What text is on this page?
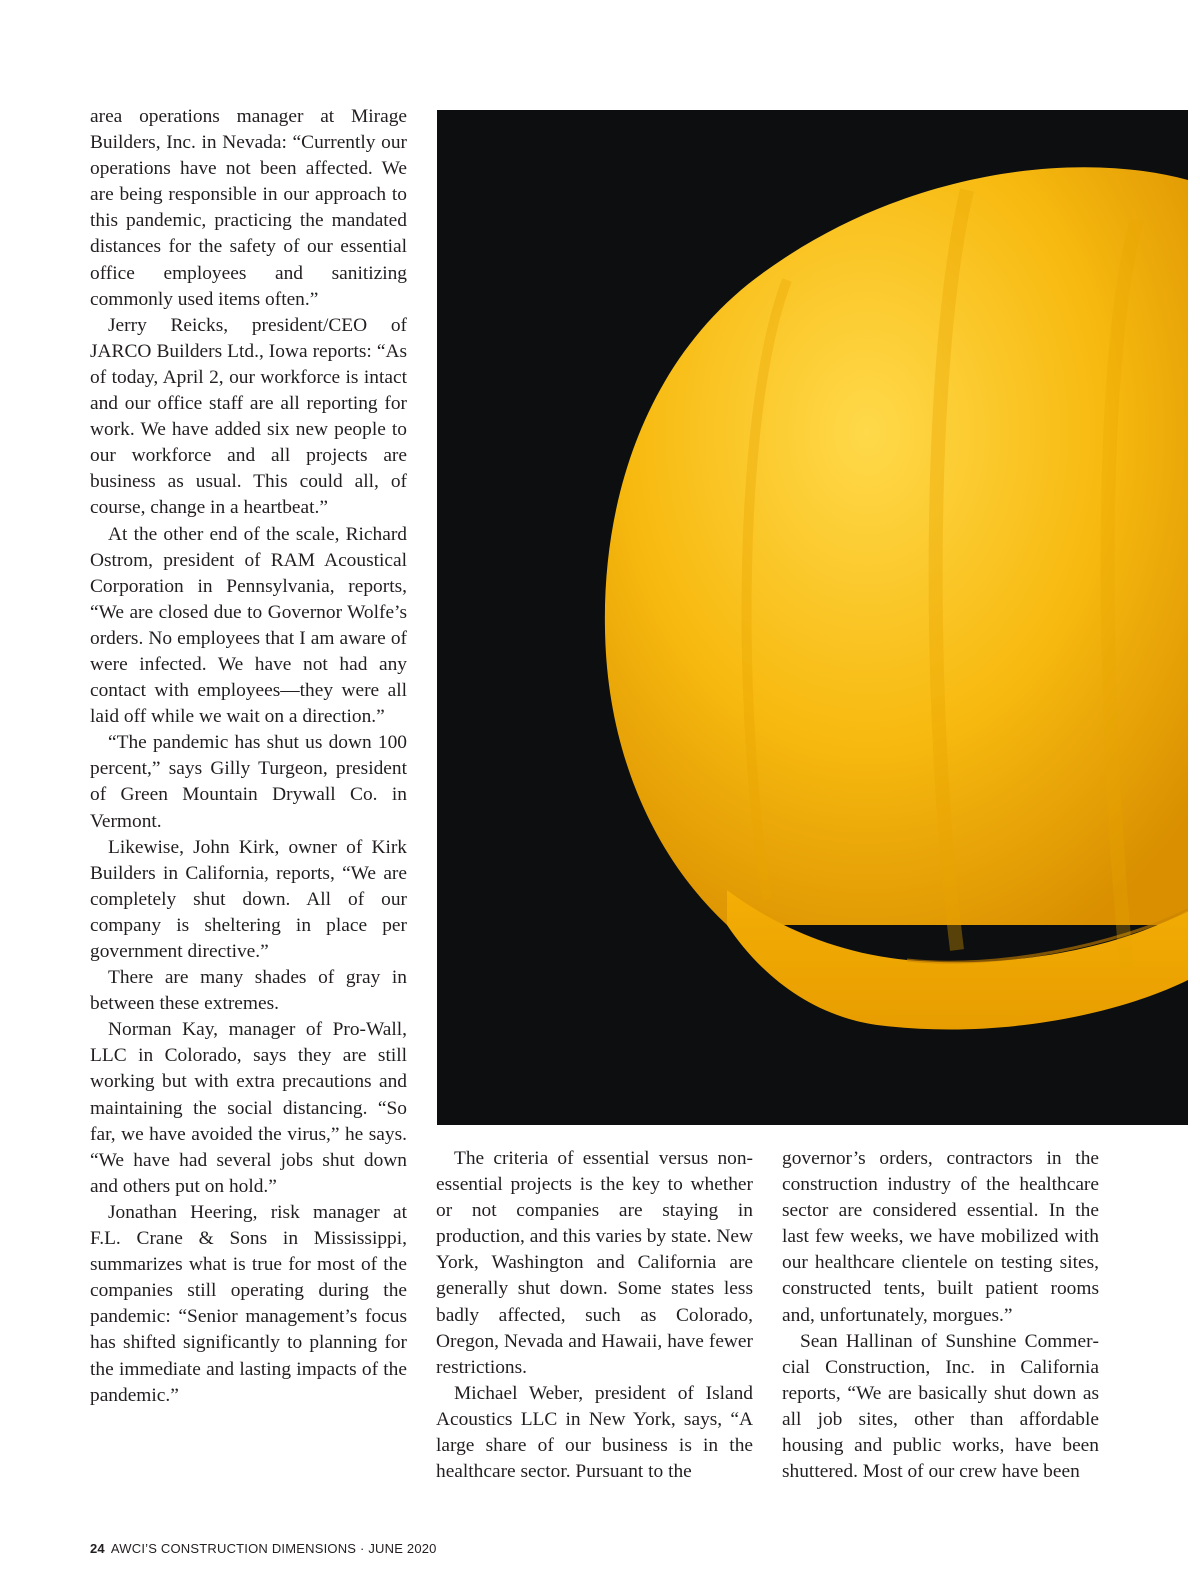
area operations manager at Mirage Builders, Inc. in Nevada: “Currently our operations have not been affected. We are being responsible in our approach to this pandemic, practicing the mandated distances for the safety of our essential office employees and sanitizing commonly used items often.”

Jerry Reicks, president/CEO of JARCO Builders Ltd., Iowa reports: “As of today, April 2, our workforce is intact and our office staff are all reporting for work. We have added six new people to our workforce and all projects are business as usual. This could all, of course, change in a heartbeat.”

At the other end of the scale, Richard Ostrom, president of RAM Acoustical Corporation in Pennsylvania, reports, “We are closed due to Governor Wolfe’s orders. No employees that I am aware of were infected. We have not had any contact with employees—they were all laid off while we wait on a direction.”

“The pandemic has shut us down 100 percent,” says Gilly Turgeon, president of Green Mountain Drywall Co. in Vermont.

Likewise, John Kirk, owner of Kirk Builders in California, reports, “We are completely shut down. All of our company is sheltering in place per government directive.”

There are many shades of gray in between these extremes.

Norman Kay, manager of Pro-Wall, LLC in Colorado, says they are still working but with extra precautions and maintaining the social distancing. “So far, we have avoided the virus,” he says. “We have had several jobs shut down and others put on hold.”

Jonathan Heering, risk manager at F.L. Crane & Sons in Mississippi, summarizes what is true for most of the companies still operating during the pandemic: “Senior management’s focus has shifted significantly to planning for the immediate and lasting impacts of the pandemic.”

The criteria of essential versus non-essential projects is the key to whether or not companies are staying in production, and this varies by state. New York, Washington and California are generally shut down. Some states less badly affected, such as Colorado, Oregon, Nevada and Hawaii, have fewer restrictions.

Michael Weber, president of Island Acoustics LLC in New York, says, “A large share of our business is in the healthcare sector. Pursuant to the

governor’s orders, contractors in the construction industry of the healthcare sector are considered essential. In the last few weeks, we have mobilized with our healthcare clientele on testing sites, constructed tents, built patient rooms and, unfortunately, morgues.”

Sean Hallinan of Sunshine Commercial Construction, Inc. in California reports, “We are basically shut down as all job sites, other than affordable housing and public works, have been shuttered. Most of our crew have been

24 AWCI’S CONSTRUCTION DIMENSIONS · JUNE 2020
